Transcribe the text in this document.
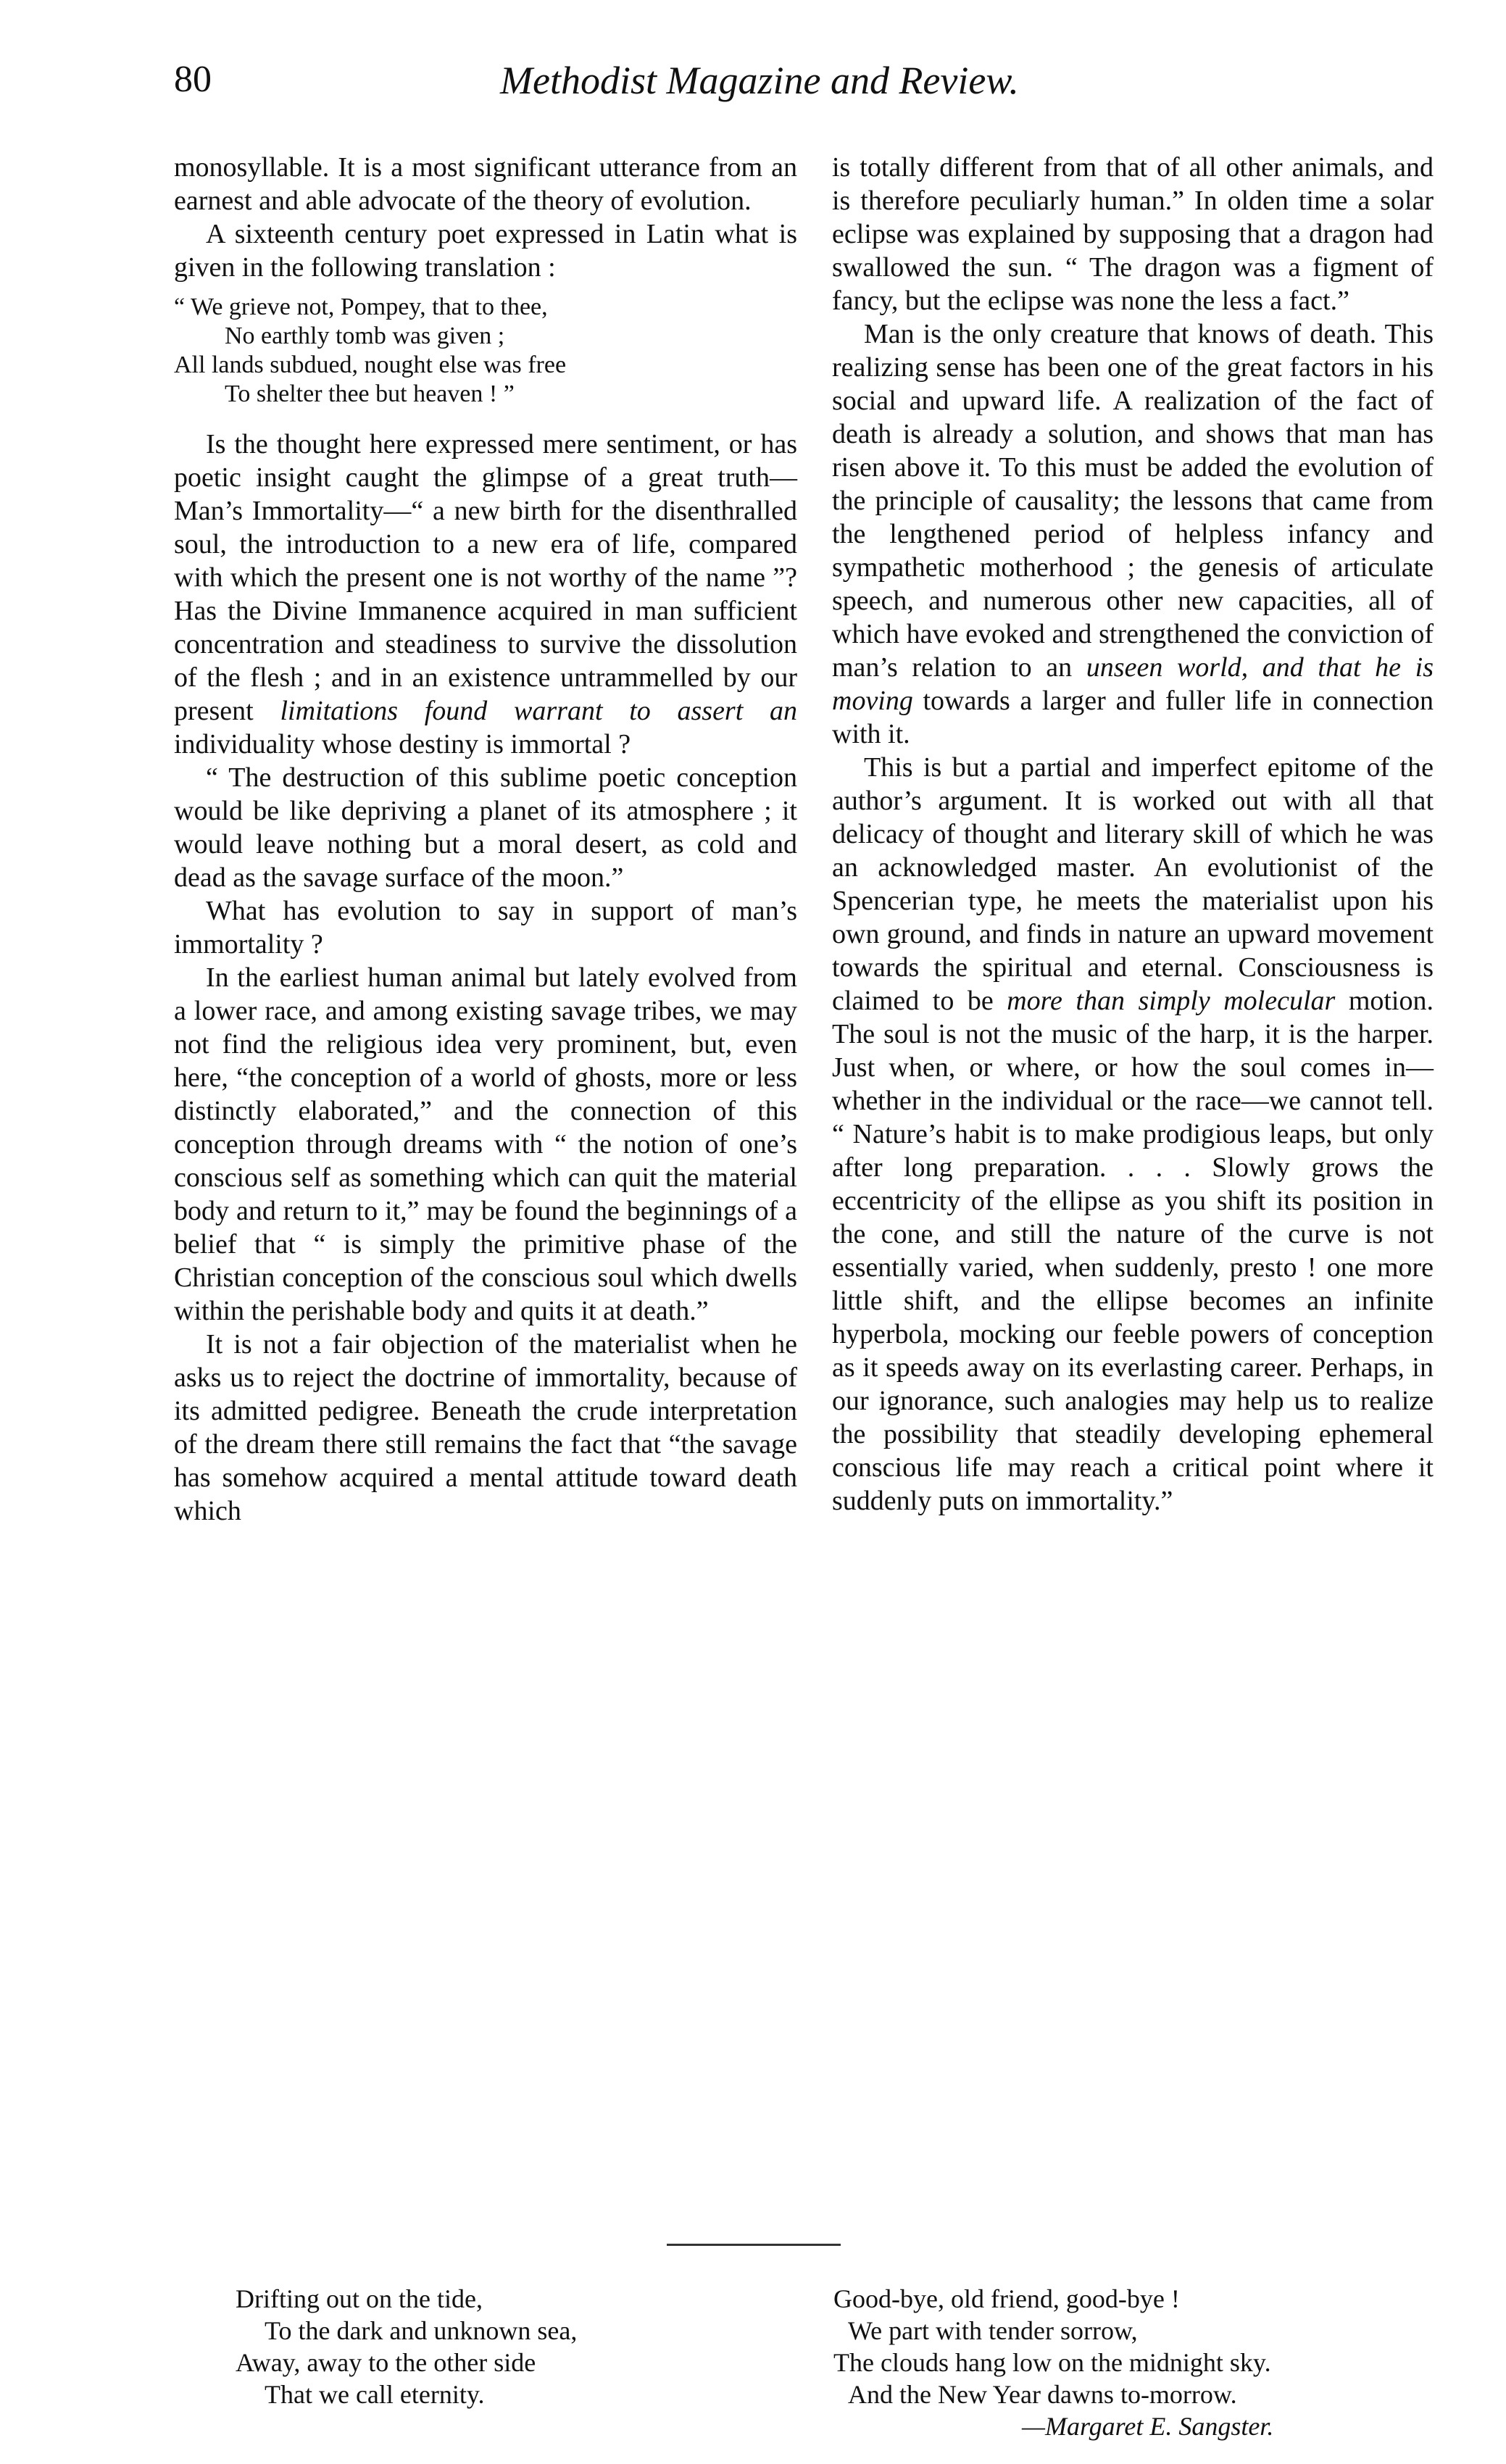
80	Methodist Magazine and Review.

monosyllable. It is a most significant utterance from an earnest and able advocate of the theory of evolution.

A sixteenth century poet expressed in Latin what is given in the following translation :

“ We grieve not, Pompey, that to thee,
No earthly tomb was given ;
All lands subdued, nought else was free
To shelter thee but heaven ! ”

Is the thought here expressed mere sentiment, or has poetic insight caught the glimpse of a great truth—Man’s Immortality—“ a new birth for the disenthralled soul, the introduction to a new era of life, compared with which the present one is not worthy of the name ”? Has the Divine Immanence acquired in man sufficient concentration and steadiness to survive the dissolution of the flesh ; and in an existence untrammelled by our present limitations found warrant to assert an individuality whose destiny is immortal ?

“ The destruction of this sublime poetic conception would be like depriving a planet of its atmosphere ; it would leave nothing but a moral desert, as cold and dead as the savage surface of the moon.”

What has evolution to say in support of man’s immortality ?

In the earliest human animal but lately evolved from a lower race, and among existing savage tribes, we may not find the religious idea very prominent, but, even here, “the conception of a world of ghosts, more or less distinctly elaborated,” and the connection of this conception through dreams with “ the notion of one’s conscious self as something which can quit the material body and return to it,” may be found the beginnings of a belief that “ is simply the primitive phase of the Christian conception of the conscious soul which dwells within the perishable body and quits it at death.”

It is not a fair objection of the materialist when he asks us to reject the doctrine of immortality, because of its admitted pedigree. Beneath the crude interpretation of the dream there still remains the fact that “the savage has somehow acquired a mental attitude toward death which

is totally different from that of all other animals, and is therefore peculiarly human.” In olden time a solar eclipse was explained by supposing that a dragon had swallowed the sun. “ The dragon was a figment of fancy, but the eclipse was none the less a fact.”

Man is the only creature that knows of death. This realizing sense has been one of the great factors in his social and upward life. A realization of the fact of death is already a solution, and shows that man has risen above it. To this must be added the evolution of the principle of causality; the lessons that came from the lengthened period of helpless infancy and sympathetic motherhood ; the genesis of articulate speech, and numerous other new capacities, all of which have evoked and strengthened the conviction of man’s relation to an unseen world, and that he is moving towards a larger and fuller life in connection with it.

This is but a partial and imperfect epitome of the author’s argument. It is worked out with all that delicacy of thought and literary skill of which he was an acknowledged master. An evolutionist of the Spencerian type, he meets the materialist upon his own ground, and finds in nature an upward movement towards the spiritual and eternal. Consciousness is claimed to be more than simply molecular motion. The soul is not the music of the harp, it is the harper. Just when, or where, or how the soul comes in—whether in the individual or the race—we cannot tell. “ Nature’s habit is to make prodigious leaps, but only after long preparation. . . . Slowly grows the eccentricity of the ellipse as you shift its position in the cone, and still the nature of the curve is not essentially varied, when suddenly, presto ! one more little shift, and the ellipse becomes an infinite hyperbola, mocking our feeble powers of conception as it speeds away on its everlasting career. Perhaps, in our ignorance, such analogies may help us to realize the possibility that steadily developing ephemeral conscious life may reach a critical point where it suddenly puts on immortality.”

Drifting out on the tide,
To the dark and unknown sea,
Away, away to the other side
That we call eternity.
Good-bye, old friend, good-bye !
We part with tender sorrow,
The clouds hang low on the midnight sky.
And the New Year dawns to-morrow.
—Margaret E. Sangster.
